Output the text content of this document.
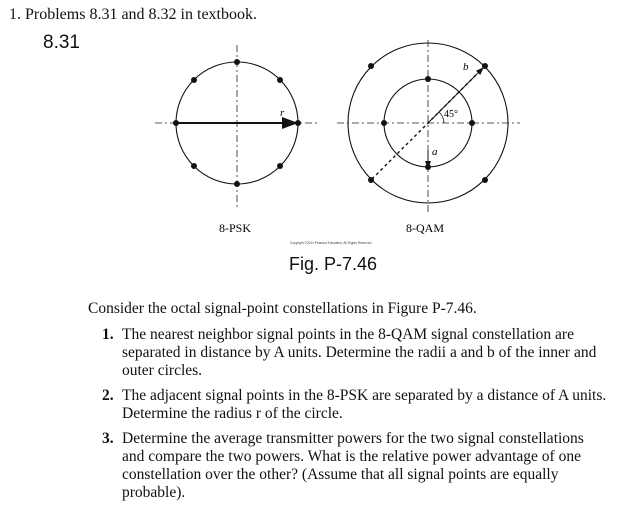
1. Problems 8.31 and 8.32 in textbook.
8.31
r
8-PSK
b
a
45°
8-QAM
Copyright ©2014 Pearson Education, All Rights Reserved
Fig. P-7.46
Consider the octal signal-point constellations in Figure P-7.46.
1. The nearest neighbor signal points in the 8-QAM signal constellation are separated in distance by A units. Determine the radii a and b of the inner and outer circles.
2. The adjacent signal points in the 8-PSK are separated by a distance of A units. Determine the radius r of the circle.
3. Determine the average transmitter powers for the two signal constellations and compare the two powers. What is the relative power advantage of one constellation over the other? (Assume that all signal points are equally probable).
